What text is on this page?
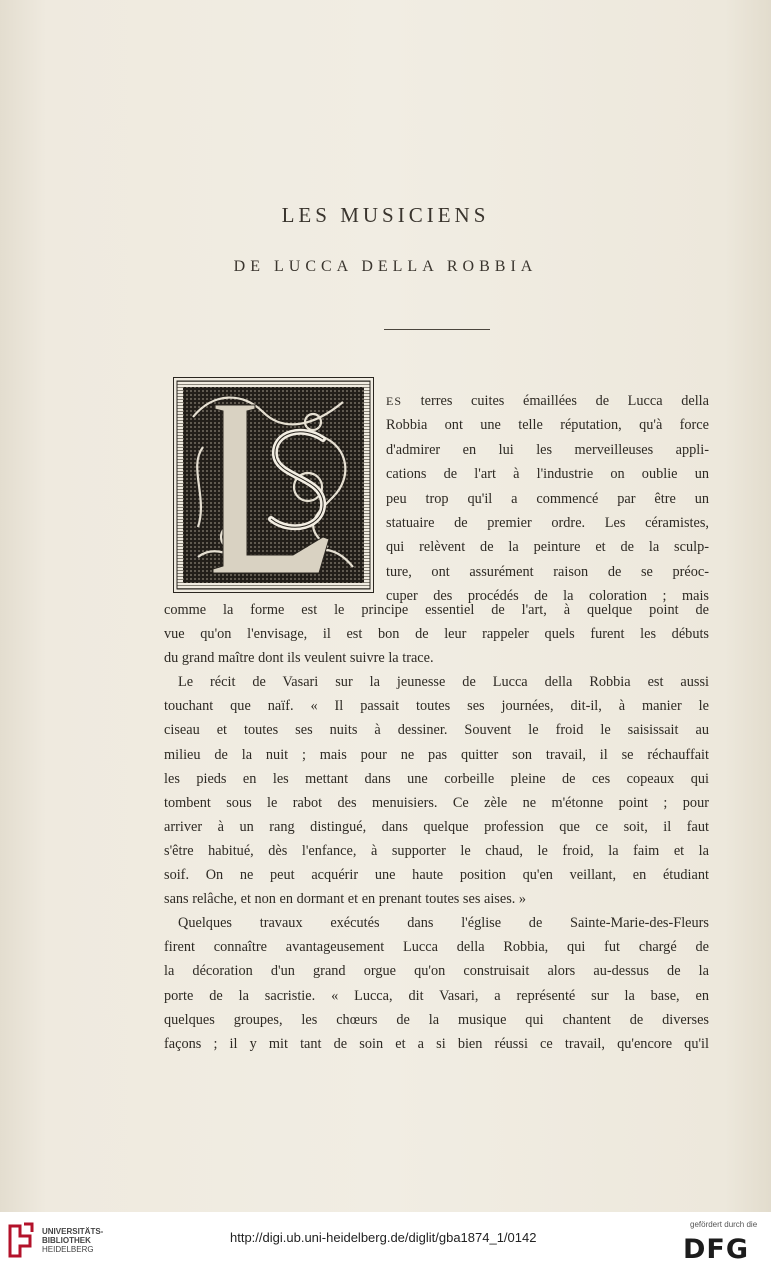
LES MUSICIENS
DE LUCCA DELLA ROBBIA
ES terres cuites émaillées de Lucca della
Robbia ont une telle réputation, qu'à force
d'admirer en lui les merveilleuses appli-
cations de l'art à l'industrie on oublie un
peu trop qu'il a commencé par être un
statuaire de premier ordre. Les céramistes,
qui relèvent de la peinture et de la sculp-
ture, ont assurément raison de se préoc-
cuper des procédés de la coloration ; mais

comme la forme est le principe essentiel de l'art, à quelque point de
vue qu'on l'envisage, il est bon de leur rappeler quels furent les débuts
du grand maître dont ils veulent suivre la trace.

Le récit de Vasari sur la jeunesse de Lucca della Robbia est aussi
touchant que naïf. « Il passait toutes ses journées, dit-il, à manier le
ciseau et toutes ses nuits à dessiner. Souvent le froid le saisissait au
milieu de la nuit ; mais pour ne pas quitter son travail, il se réchauffait
les pieds en les mettant dans une corbeille pleine de ces copeaux qui
tombent sous le rabot des menuisiers. Ce zèle ne m'étonne point ; pour
arriver à un rang distingué, dans quelque profession que ce soit, il faut
s'être habitué, dès l'enfance, à supporter le chaud, le froid, la faim et la
soif. On ne peut acquérir une haute position qu'en veillant, en étudiant
sans relâche, et non en dormant et en prenant toutes ses aises. »

Quelques travaux exécutés dans l'église de Sainte-Marie-des-Fleurs
firent connaître avantageusement Lucca della Robbia, qui fut chargé de
la décoration d'un grand orgue qu'on construisait alors au-dessus de la
porte de la sacristie. « Lucca, dit Vasari, a représenté sur la base, en
quelques groupes, les chœurs de la musique qui chantent de diverses
façons ; il y mit tant de soin et a si bien réussi ce travail, qu'encore qu'il

UNIVERSITÄTS-
BIBLIOTHEK
HEIDELBERG
http://digi.ub.uni-heidelberg.de/diglit/gba1874_1/0142
gefördert durch die
DFG
